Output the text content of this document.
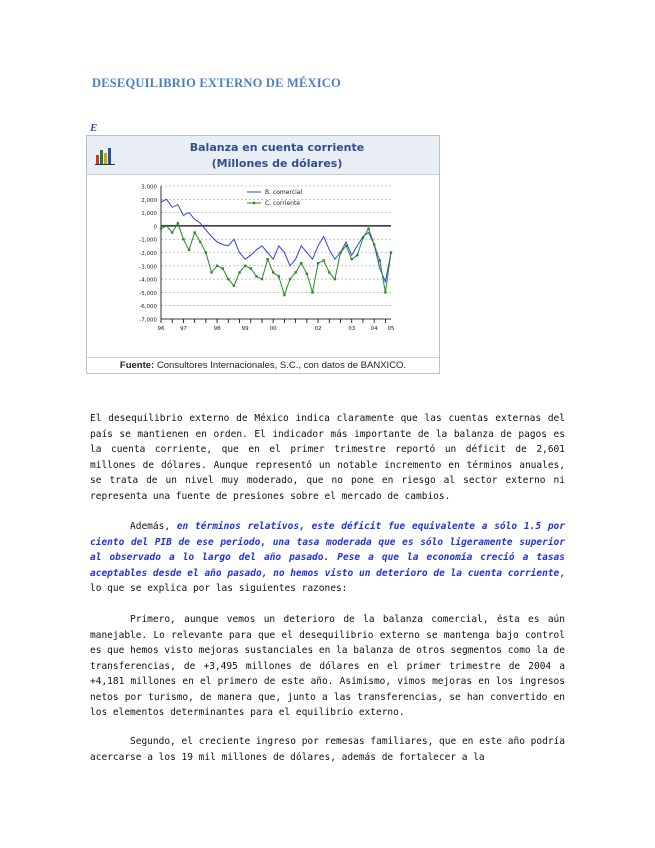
DESEQUILIBRIO EXTERNO DE MÉXICO
E
Balanza en cuenta corriente
(Millones de dólares)
3,000
2,000
1,000
0
-1,000
-2,000
-3,000
-4,000
-5,000
-6,000
-7,000
96	97	98	99	00	02	03	04 05
B. comercial
C. corriente
Fuente: Consultores Internacionales, S.C., con datos de BANXICO.

El desequilibrio externo de México indica claramente que las cuentas externas del país se mantienen en orden. El indicador más importante de la balanza de pagos es la cuenta corriente, que en el primer trimestre reportó un déficit de 2,601 millones de dólares. Aunque representó un notable incremento en términos anuales, se trata de un nivel muy moderado, que no pone en riesgo al sector externo ni representa una fuente de presiones sobre el mercado de cambios.

Además, en términos relativos, este déficit fue equivalente a sólo 1.5 por ciento del PIB de ese periodo, una tasa moderada que es sólo ligeramente superior al observado a lo largo del año pasado. Pese a que la economía creció a tasas aceptables desde el año pasado, no hemos visto un deterioro de la cuenta corriente, lo que se explica por las siguientes razones:

Primero, aunque vemos un deterioro de la balanza comercial, ésta es aún manejable. Lo relevante para que el desequilibrio externo se mantenga bajo control es que hemos visto mejoras sustanciales en la balanza de otros segmentos como la de transferencias, de +3,495 millones de dólares en el primer trimestre de 2004 a +4,181 millones en el primero de este año. Asimismo, vimos mejoras en los ingresos netos por turismo, de manera que, junto a las transferencias, se han convertido en los elementos determinantes para el equilibrio externo.

Segundo, el creciente ingreso por remesas familiares, que en este año podría acercarse a los 19 mil millones de dólares, además de fortalecer a la
